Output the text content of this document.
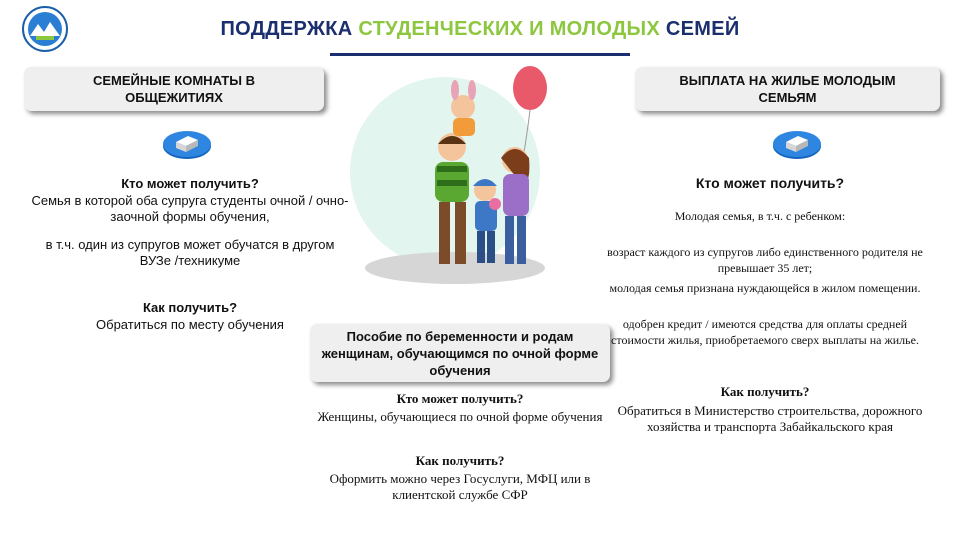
ПОДДЕРЖКА СТУДЕНЧЕСКИХ И МОЛОДЫХ СЕМЕЙ
СЕМЕЙНЫЕ КОМНАТЫ В ОБЩЕЖИТИЯХ
Кто может получить?
Семья в которой оба супруга студенты очной / очно-заочной формы обучения,
в т.ч. один из супругов может обучатся в другом ВУЗе /техникуме
Как получить?
Обратиться по месту обучения
Пособие по беременности и родам женщинам, обучающимся по очной форме обучения
Кто может получить?
Женщины, обучающиеся по очной форме обучения
Как получить?
Оформить можно через Госуслуги, МФЦ или в клиентской службе СФР
ВЫПЛАТА НА ЖИЛЬЕ МОЛОДЫМ СЕМЬЯМ
Кто может получить?
Молодая семья, в т.ч. с ребенком:
возраст каждого из супругов либо единственного родителя не превышает 35 лет;
молодая семья признана нуждающейся в жилом помещении.
одобрен кредит / имеются средства для оплаты средней стоимости жилья, приобретаемого сверх выплаты на жилье.
Как получить?
Обратиться в Министерство строительства, дорожного хозяйства и транспорта Забайкальского края
